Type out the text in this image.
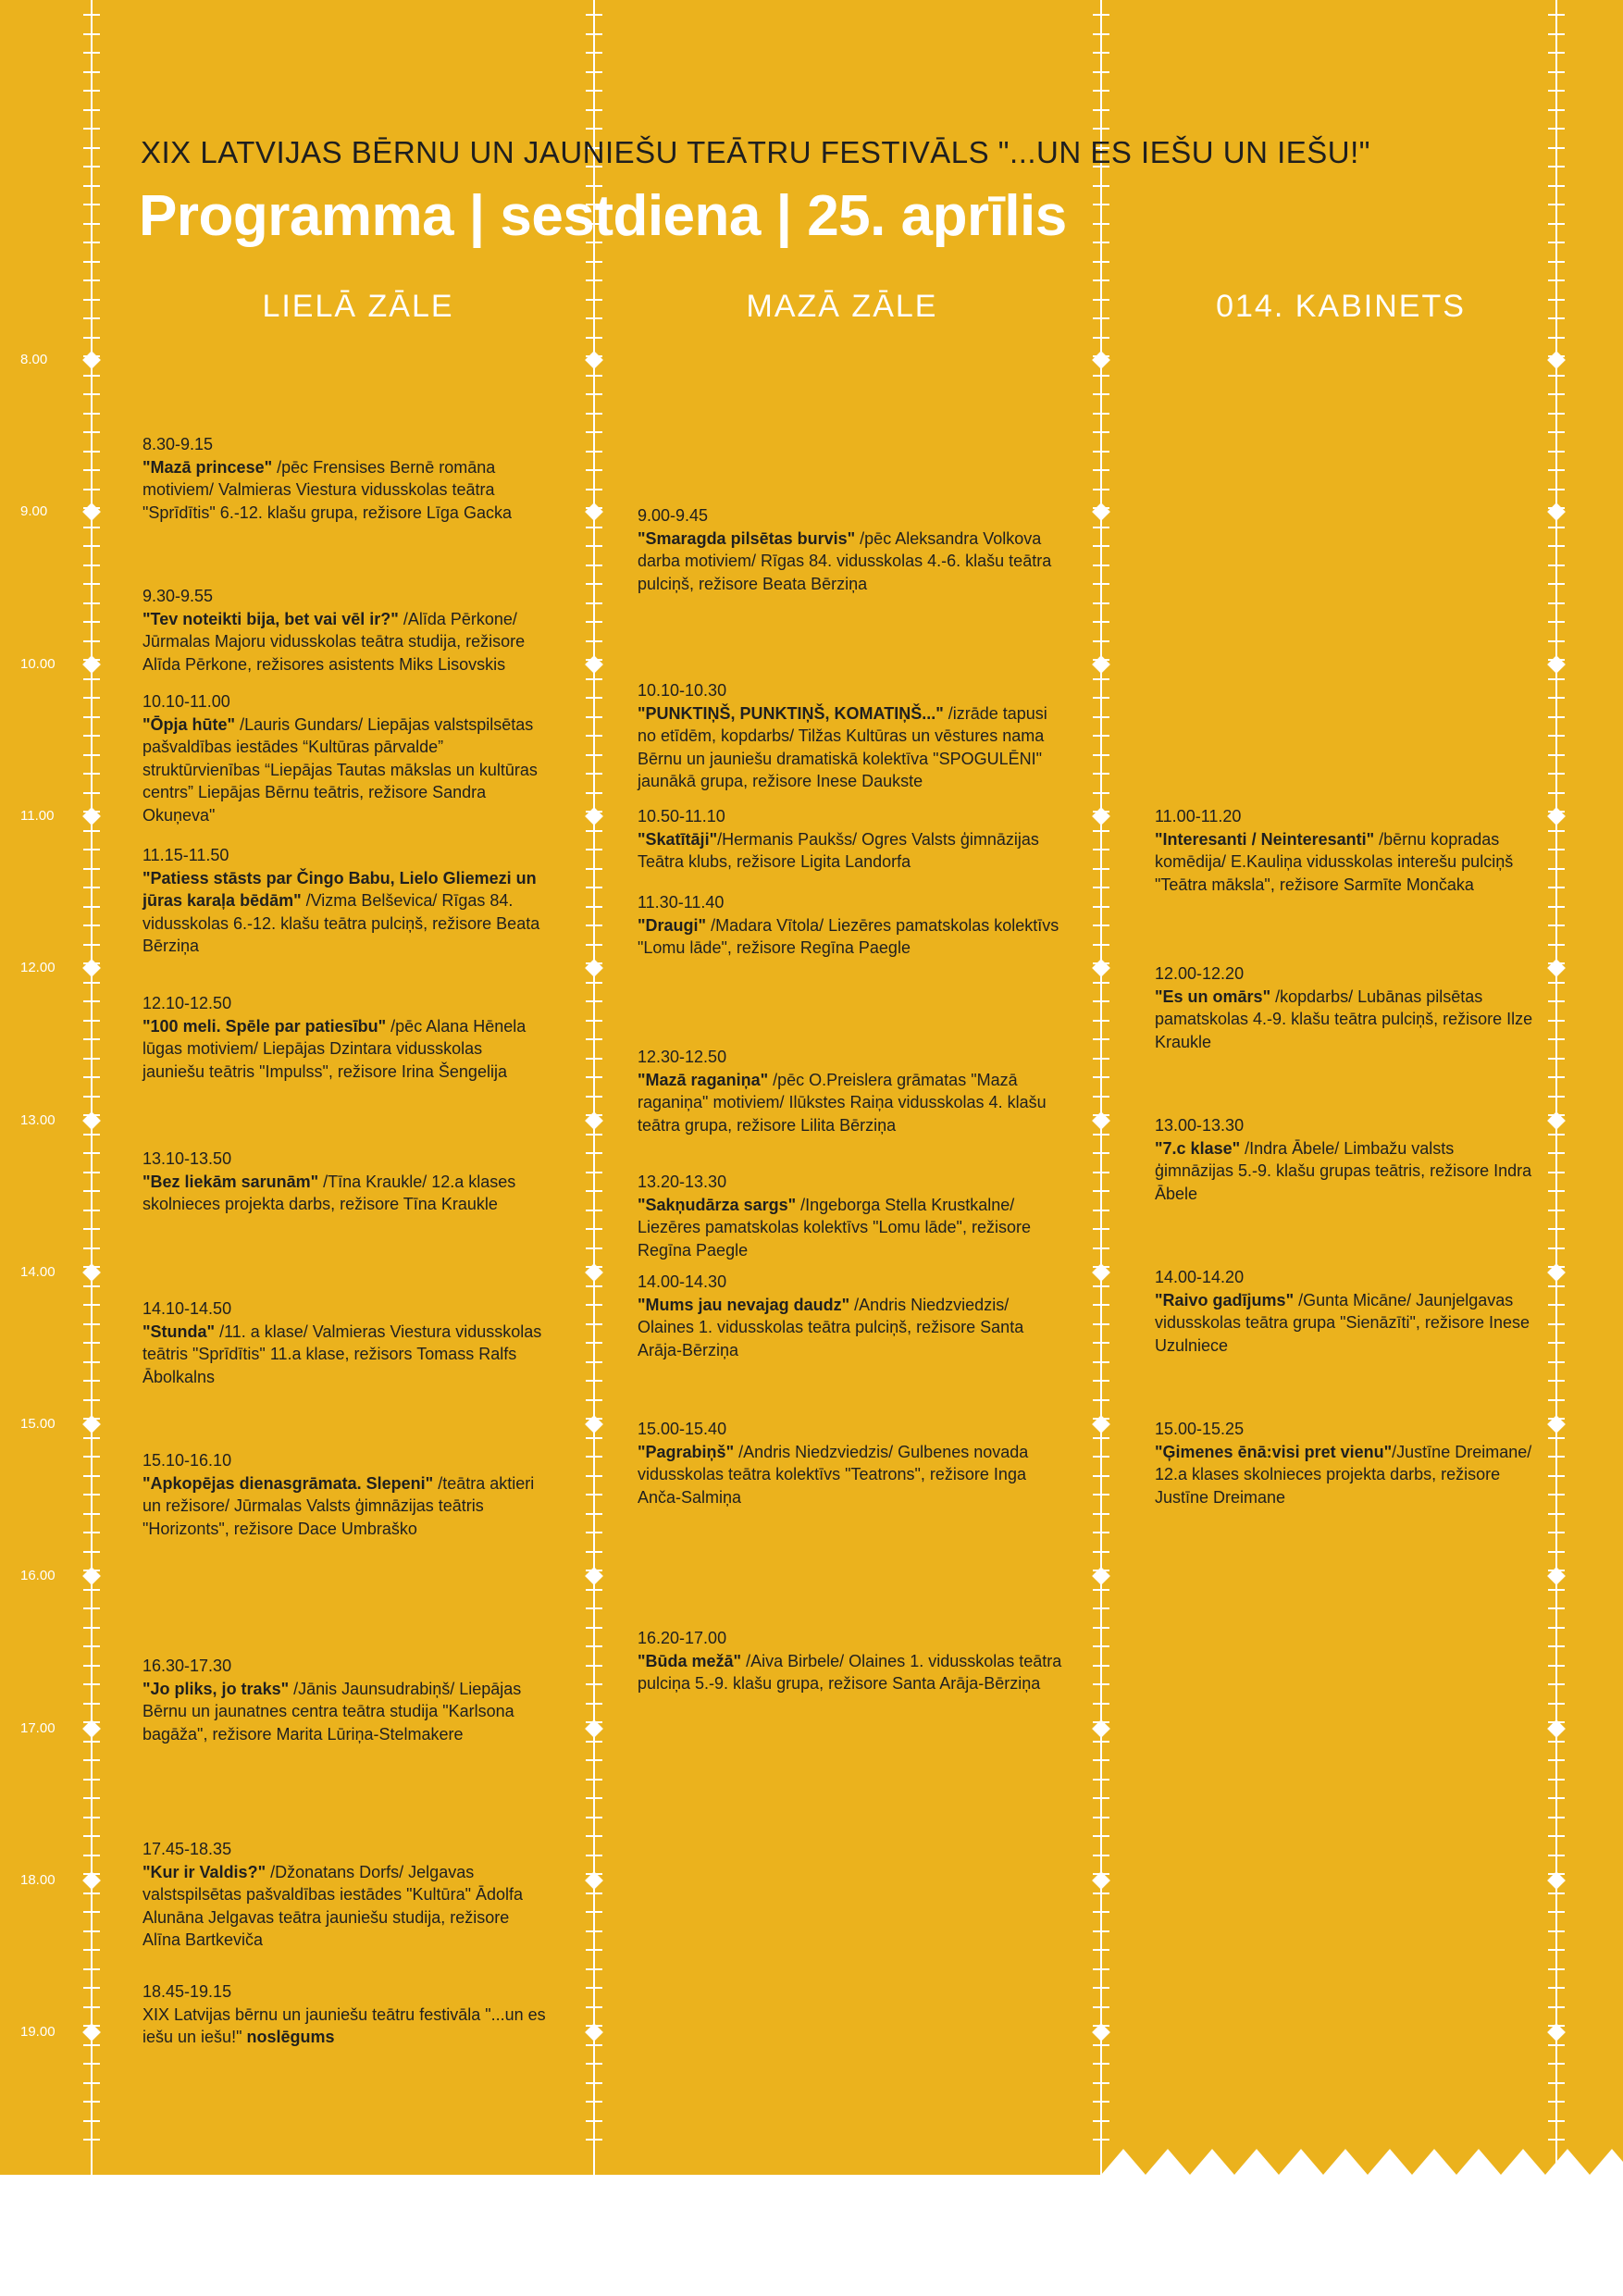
XIX LATVIJAS BĒRNU UN JAUNIEŠU TEĀTRU FESTIVĀLS "...UN ES IEŠU UN IEŠU!"
Programma | sestdiena | 25. aprīlis
LIELĀ ZĀLE	MAZĀ ZĀLE	014. KABINETS
8.00
9.00
10.00
11.00
12.00
13.00
14.00
15.00
16.00
17.00
18.00
19.00
8.30-9.15
"Mazā princese" /pēc Frensises Bernē romāna motiviem/ Valmieras Viestura vidusskolas teātra "Sprīdītis" 6.-12. klašu grupa, režisore Līga Gacka
9.30-9.55
"Tev noteikti bija, bet vai vēl ir?" /Alīda Pērkone/ Jūrmalas Majoru vidusskolas teātra studija, režisore Alīda Pērkone, režisores asistents Miks Lisovskis
10.10-11.00
"Ōpja hūte" /Lauris Gundars/ Liepājas valstspilsētas pašvaldības iestādes “Kultūras pārvalde” struktūrvienības “Liepājas Tautas mākslas un kultūras centrs” Liepājas Bērnu teātris, režisore Sandra Okuņeva"
11.15-11.50
"Patiess stāsts par Čingo Babu, Lielo Gliemezi un jūras karaļa bēdām" /Vizma Belševica/ Rīgas 84. vidusskolas 6.-12. klašu teātra pulciņš, režisore Beata Bērziņa
12.10-12.50
"100 meli. Spēle par patiesību" /pēc Alana Hēnela lūgas motiviem/ Liepājas Dzintara vidusskolas jauniešu teātris "Impulss", režisore Irina Šengelija
13.10-13.50
"Bez liekām sarunām" /Tīna Kraukle/ 12.a klases skolnieces projekta darbs, režisore Tīna Kraukle
14.10-14.50
"Stunda" /11. a klase/ Valmieras Viestura vidusskolas teātris "Sprīdītis" 11.a klase, režisors Tomass Ralfs Ābolkalns
15.10-16.10
"Apkopējas dienasgrāmata. Slepeni" /teātra aktieri un režisore/ Jūrmalas Valsts ģimnāzijas teātris "Horizonts", režisore Dace Umbraško
16.30-17.30
"Jo pliks, jo traks" /Jānis Jaunsudrabiņš/ Liepājas Bērnu un jaunatnes centra teātra studija "Karlsona bagāža", režisore Marita Lūriņa-Stelmakere
17.45-18.35
"Kur ir Valdis?" /Džonatans Dorfs/ Jelgavas valstspilsētas pašvaldības iestādes "Kultūra" Ādolfa Alunāna Jelgavas teātra jauniešu studija, režisore Alīna Bartkeviča
18.45-19.15
XIX Latvijas bērnu un jauniešu teātru festivāla "...un es iešu un iešu!" noslēgums
9.00-9.45
"Smaragda pilsētas burvis" /pēc Aleksandra Volkova darba motiviem/ Rīgas 84. vidusskolas 4.-6. klašu teātra pulciņš, režisore Beata Bērziņa
10.10-10.30
"PUNKTIŅŠ, PUNKTIŅŠ, KOMATIŅŠ..." /izrāde tapusi no etīdēm, kopdarbs/ Tilžas Kultūras un vēstures nama Bērnu un jauniešu dramatiskā kolektīva "SPOGULĒNI" jaunākā grupa, režisore Inese Daukste
10.50-11.10
"Skatītāji"/Hermanis Paukšs/ Ogres Valsts ģimnāzijas Teātra klubs, režisore Ligita Landorfa
11.30-11.40
"Draugi" /Madara Vītola/ Liezēres pamatskolas kolektīvs "Lomu lāde", režisore Regīna Paegle
12.30-12.50
"Mazā raganiņa" /pēc O.Preislera grāmatas "Mazā raganiņa" motiviem/ Ilūkstes Raiņa vidusskolas 4. klašu teātra grupa, režisore Lilita Bērziņa
13.20-13.30
"Sakņudārza sargs" /Ingeborga Stella Krustkalne/ Liezēres pamatskolas kolektīvs "Lomu lāde", režisore Regīna Paegle
14.00-14.30
"Mums jau nevajag daudz" /Andris Niedzviedzis/ Olaines 1. vidusskolas teātra pulciņš, režisore Santa Arāja-Bērziņa
15.00-15.40
"Pagrabiņš" /Andris Niedzviedzis/ Gulbenes novada vidusskolas teātra kolektīvs "Teatrons", režisore Inga Anča-Salmiņa
16.20-17.00
"Būda mežā" /Aiva Birbele/ Olaines 1. vidusskolas teātra pulciņa 5.-9. klašu grupa, režisore Santa Arāja-Bērziņa
11.00-11.20
"Interesanti / Neinteresanti" /bērnu kopradas komēdija/ E.Kauliņa vidusskolas interešu pulciņš "Teātra māksla", režisore Sarmīte Mončaka
12.00-12.20
"Es un omārs" /kopdarbs/ Lubānas pilsētas pamatskolas 4.-9. klašu teātra pulciņš, režisore Ilze Kraukle
13.00-13.30
"7.c klase" /Indra Ābele/ Limbažu valsts ģimnāzijas 5.-9. klašu grupas teātris, režisore Indra Ābele
14.00-14.20
"Raivo gadījums" /Gunta Micāne/ Jaunjelgavas vidusskolas teātra grupa "Sienāzīti", režisore Inese Uzulniece
15.00-15.25
"Ģimenes ēnā:visi pret vienu"/Justīne Dreimane/ 12.a klases skolnieces projekta darbs, režisore Justīne Dreimane
